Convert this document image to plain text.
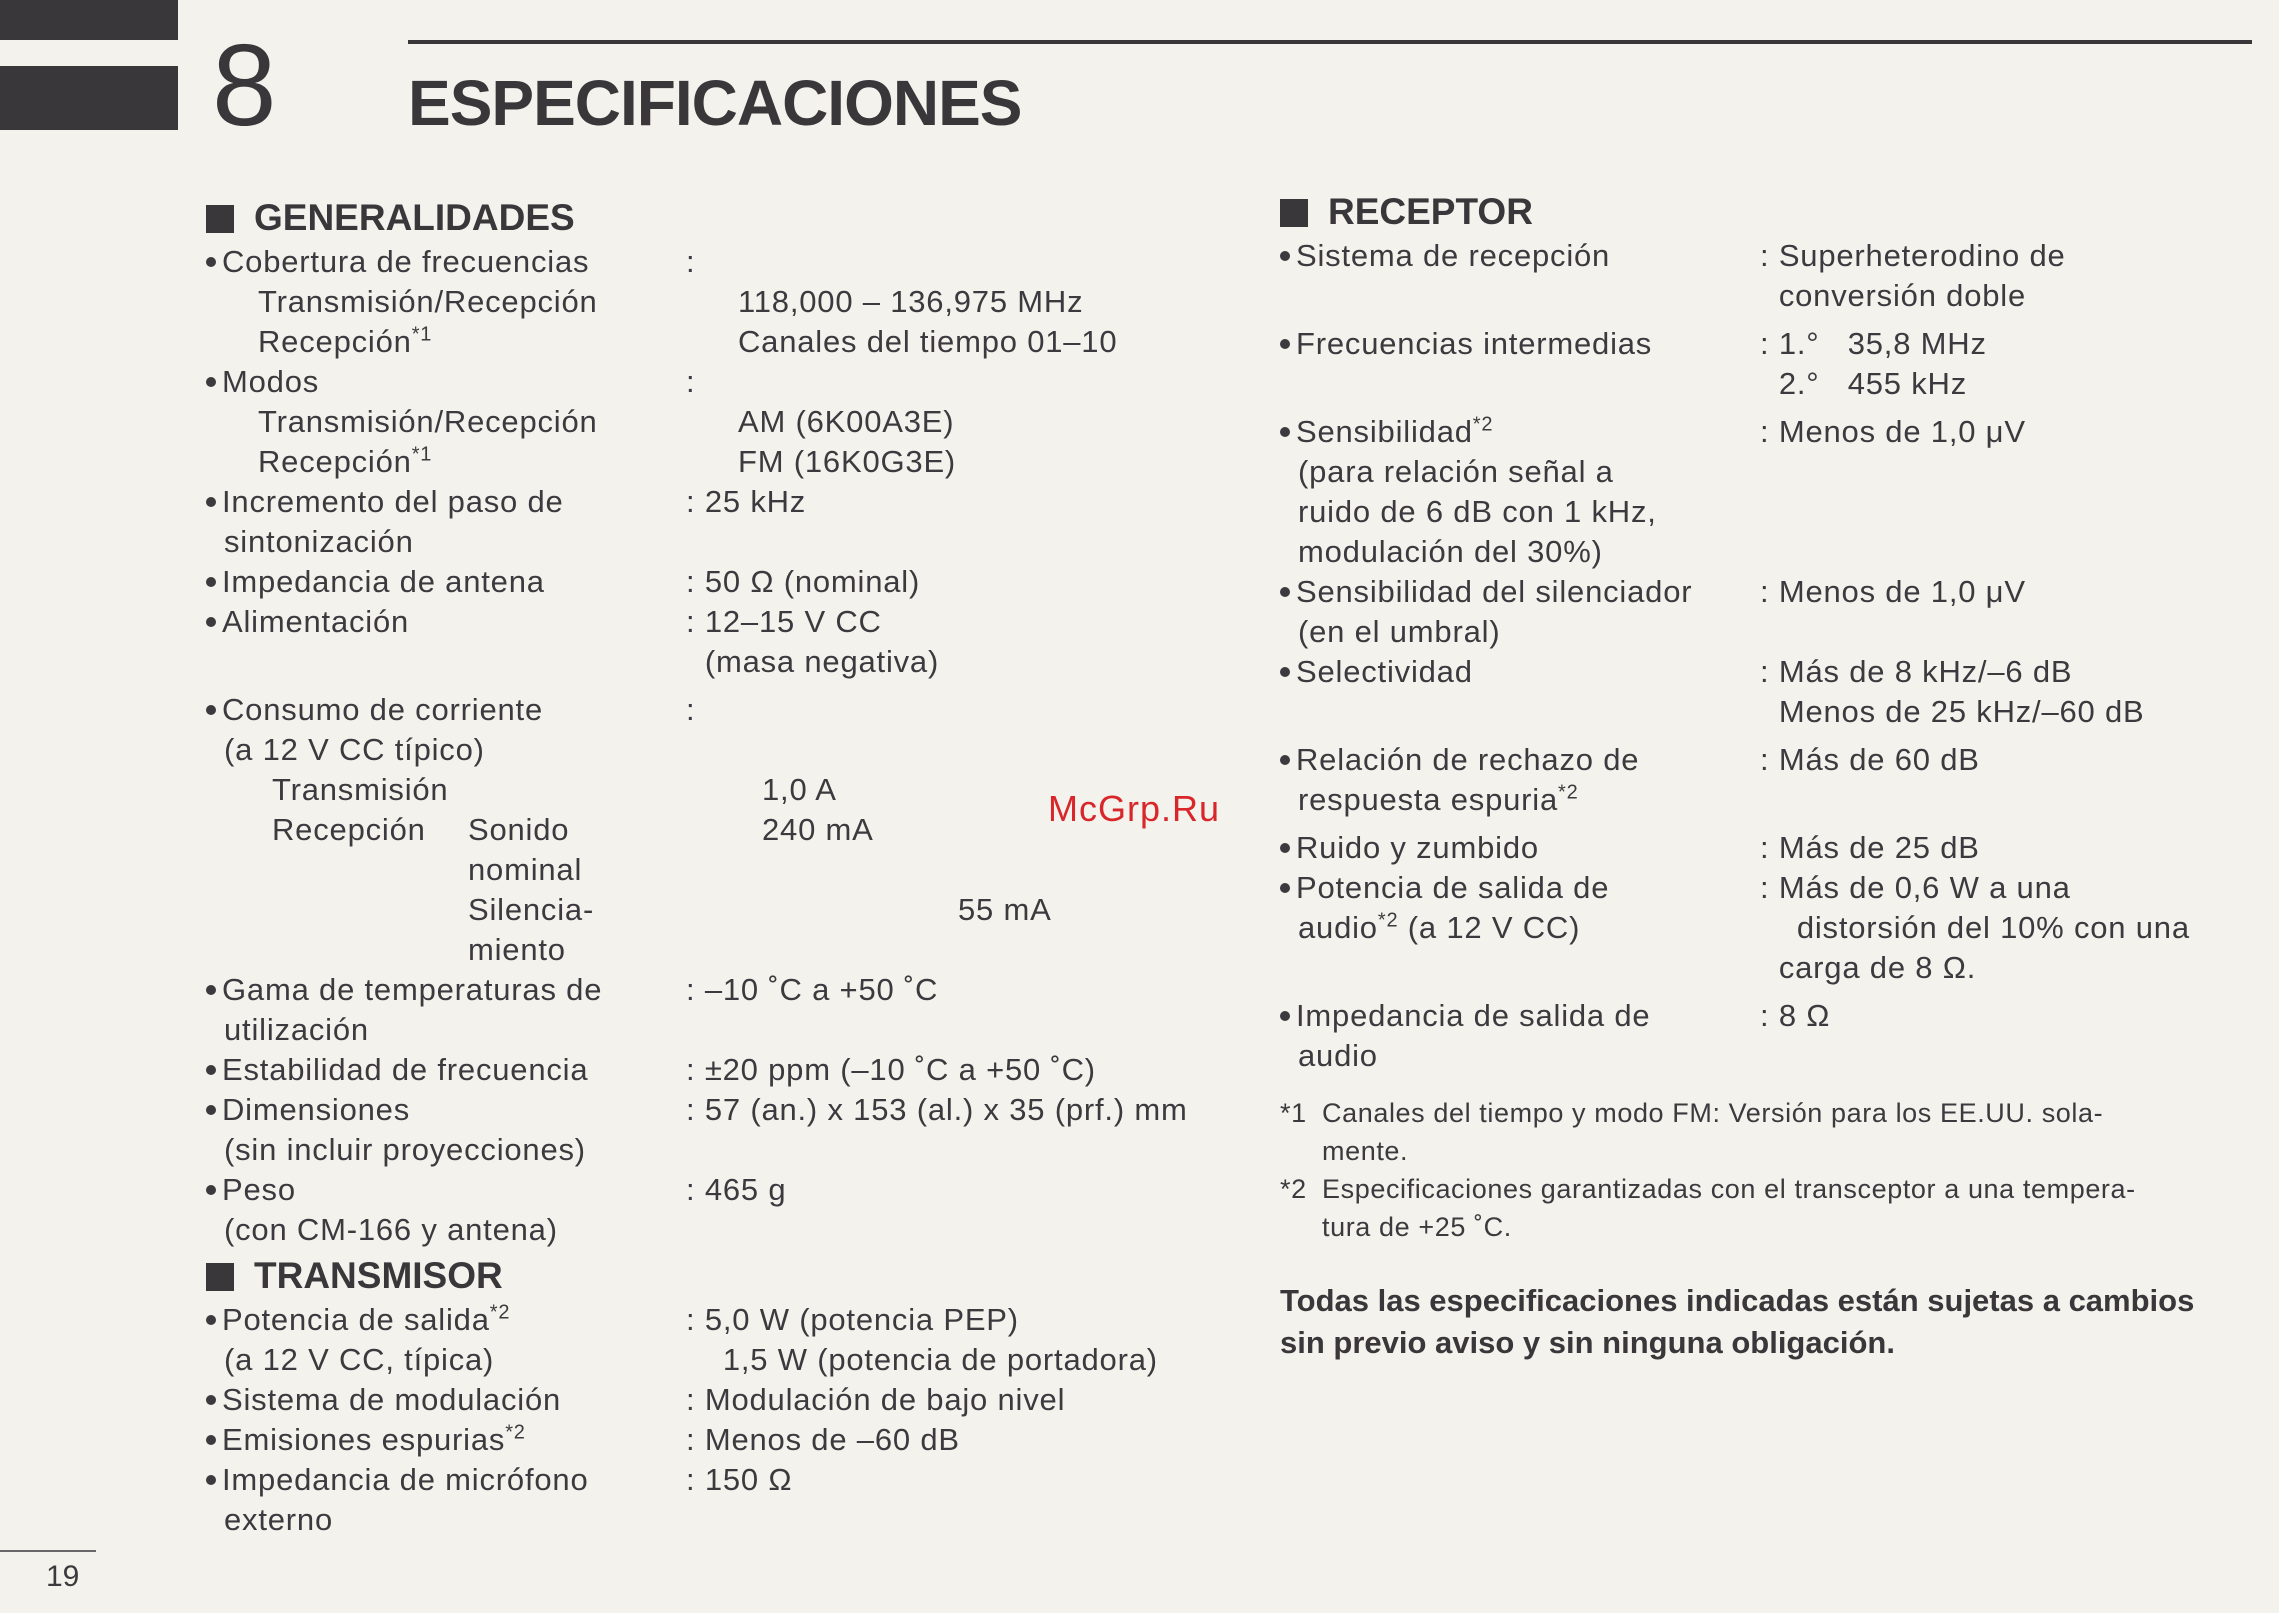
8 ESPECIFICACIONES
GENERALIDADES
Cobertura de frecuencias	:
Transmisión/Recepción	118,000 – 136,975 MHz
Recepción$^{*1}$	Canales del tiempo 01–10
Modos	:
Transmisión/Recepción	AM (6K00A3E)
Recepción$^{*1}$	FM (16K0G3E)
Incremento del paso de	: 25 kHz
sintonización
Impedancia de antena	: 50 Ω (nominal)
Alimentación	: 12–15 V CC
(masa negativa)
Consumo de corriente	:
(a 12 V CC típico)
Transmisión	1,0 A
Recepción	Sonido	240 mA
nominal
Silencia-	55 mA
miento
Gama de temperaturas de	: –10 ˚C a +50 ˚C
utilización
Estabilidad de frecuencia	: ±20 ppm (–10 ˚C a +50 ˚C)
Dimensiones	: 57 (an.) x 153 (al.) x 35 (prf.) mm
(sin incluir proyecciones)
Peso	: 465 g
(con CM-166 y antena)
TRANSMISOR
Potencia de salida$^{*2}$	: 5,0 W (potencia PEP)
(a 12 V CC, típica)	1,5 W (potencia de portadora)
Sistema de modulación	: Modulación de bajo nivel
Emisiones espurias$^{*2}$	: Menos de –60 dB
Impedancia de micrófono	: 150 Ω
externo
RECEPTOR
Sistema de recepción	: Superheterodino de
conversión doble
Frecuencias intermedias	: 1.°   35,8 MHz
2.°   455 kHz
Sensibilidad$^{*2}$	: Menos de 1,0 μV
(para relación señal a
ruido de 6 dB con 1 kHz,
modulación del 30%)
Sensibilidad del silenciador	: Menos de 1,0 μV
(en el umbral)
Selectividad	: Más de 8 kHz/–6 dB
Menos de 25 kHz/–60 dB
Relación de rechazo de	: Más de 60 dB
respuesta espuria$^{*2}$
Ruido y zumbido	: Más de 25 dB
Potencia de salida de	: Más de 0,6 W a una
audio$^{*2}$ (a 12 V CC)	distorsión del 10% con una
carga de 8 Ω.
Impedancia de salida de	: 8 Ω
audio
*1 Canales del tiempo y modo FM: Versión para los EE.UU. sola-
mente.
*2 Especificaciones garantizadas con el transceptor a una tempera-
tura de +25 ˚C.
Todas las especificaciones indicadas están sujetas a cambios
sin previo aviso y sin ninguna obligación.
McGrp.Ru
19
